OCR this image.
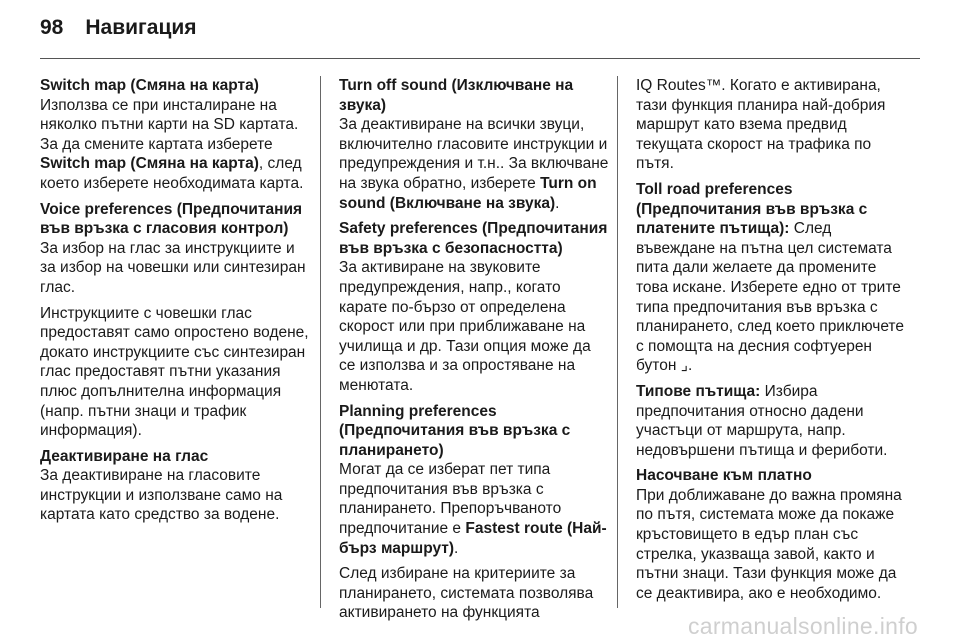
98 Навигация
Switch map (Смяна на карта)

Използва се при инсталиране на няколко пътни карти на SD картата. За да смените картата изберете Switch map (Смяна на карта), след което изберете необходимата карта.

Voice preferences (Предпочитания във връзка с гласовия контрол)

За избор на глас за инструкциите и за избор на човешки или синтезиран глас.

Инструкциите с човешки глас предоставят само опростено водене, докато инструкциите със синтезиран глас предоставят пътни указания плюс допълнителна информация (напр. пътни знаци и трафик информация).

Деактивиране на глас

За деактивиране на гласовите инструкции и използване само на картата като средство за водене.

Turn off sound (Изключване на звука)

За деактивиране на всички звуци, включително гласовите инструкции и предупреждения и т.н.. За включване на звука обратно, изберете Turn on sound (Включване на звука).

Safety preferences (Предпочитания във връзка с безопасността)

За активиране на звуковите предупреждения, напр., когато карате по-бързо от определена скорост или при приближаване на училища и др. Тази опция може да се използва и за опростяване на менютата.

Planning preferences (Предпочитания във връзка с планирането)

Могат да се изберат пет типа предпочитания във връзка с планирането. Препоръчваното предпочитание е Fastest route (Най-бърз маршрут).

След избиране на критериите за планирането, системата позволява активирането на функцията

IQ Routes™. Когато е активирана, тази функция планира най-добрия маршрут като взема предвид текущата скорост на трафика по пътя.

Toll road preferences (Предпочитания във връзка с платените пътища): След въвеждане на пътна цел системата пита дали желаете да промените това искане. Изберете едно от трите типа предпочитания във връзка с планирането, след което приключете с помощта на десния софтуерен бутон ⌟.

Типове пътища: Избира предпочитания относно дадени участъци от маршрута, напр. недовършени пътища и фериботи.

Насочване към платно

При доближаване до важна промяна по пътя, системата може да покаже кръстовището в едър план със стрелка, указваща завой, както и пътни знаци. Тази функция може да се деактивира, ако е необходимо.

carmanualsonline.info
